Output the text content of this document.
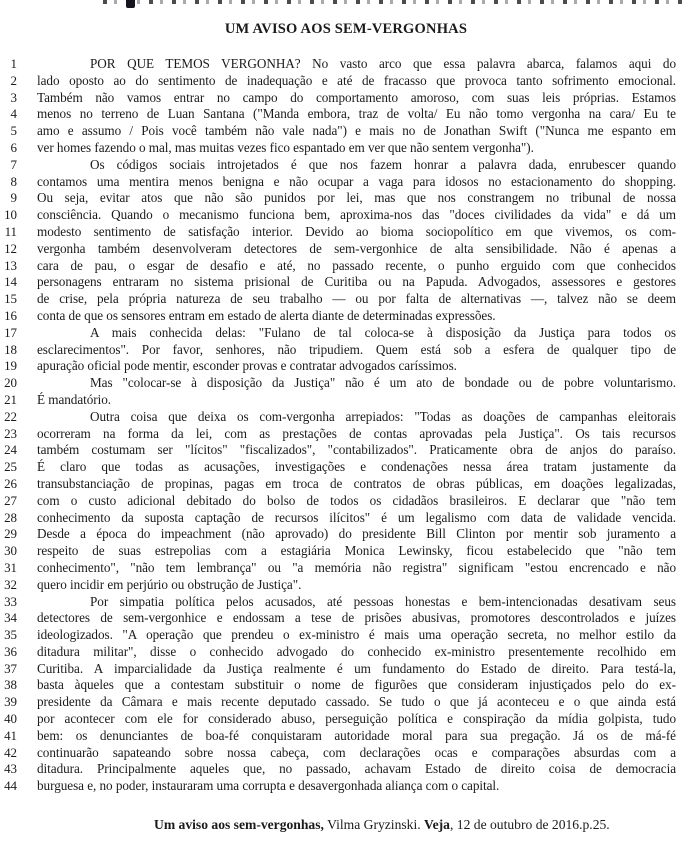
UM AVISO AOS SEM-VERGONHAS
1	POR QUE TEMOS VERGONHA? No vasto arco que essa palavra abarca, falamos aqui do
2 lado oposto ao do sentimento de inadequação e até de fracasso que provoca tanto sofrimento emocional.
3 Também não vamos entrar no campo do comportamento amoroso, com suas leis próprias. Estamos
4 menos no terreno de Luan Santana ("Manda embora, traz de volta/ Eu não tomo vergonha na cara/ Eu te
5 amo e assumo / Pois você também não vale nada") e mais no de Jonathan Swift ("Nunca me espanto em
6 ver homes fazendo o mal, mas muitas vezes fico espantado em ver que não sentem vergonha").
7	Os códigos sociais introjetados é que nos fazem honrar a palavra dada, enrubescer quando
8 contamos uma mentira menos benigna e não ocupar a vaga para idosos no estacionamento do shopping.
9 Ou seja, evitar atos que não são punidos por lei, mas que nos constrangem no tribunal de nossa
10 consciência. Quando o mecanismo funciona bem, aproxima-nos das "doces civilidades da vida" e dá um
11 modesto sentimento de satisfação interior. Devido ao bioma sociopolítico em que vivemos, os com-
12 vergonha também desenvolveram detectores de sem-vergonhice de alta sensibilidade. Não é apenas a
13 cara de pau, o esgar de desafio e até, no passado recente, o punho erguido com que conhecidos
14 personagens entraram no sistema prisional de Curitiba ou na Papuda. Advogados, assessores e gestores
15 de crise, pela própria natureza de seu trabalho — ou por falta de alternativas —, talvez não se deem
16 conta de que os sensores entram em estado de alerta diante de determinadas expressões.
17	A mais conhecida delas: "Fulano de tal coloca-se à disposição da Justiça para todos os
18 esclarecimentos". Por favor, senhores, não tripudiem. Quem está sob a esfera de qualquer tipo de
19 apuração oficial pode mentir, esconder provas e contratar advogados caríssimos.
20	Mas "colocar-se à disposição da Justiça" não é um ato de bondade ou de pobre voluntarismo.
21 É mandatório.
22	Outra coisa que deixa os com-vergonha arrepiados: "Todas as doações de campanhas eleitorais
23 ocorreram na forma da lei, com as prestações de contas aprovadas pela Justiça". Os tais recursos
24 também costumam ser "lícitos" "fiscalizados", "contabilizados". Praticamente obra de anjos do paraíso.
25 É claro que todas as acusações, investigações e condenações nessa área tratam justamente da
26 transubstanciação de propinas, pagas em troca de contratos de obras públicas, em doações legalizadas,
27 com o custo adicional debitado do bolso de todos os cidadãos brasileiros. E declarar que "não tem
28 conhecimento da suposta captação de recursos ilícitos" é um legalismo com data de validade vencida.
29 Desde a época do impeachment (não aprovado) do presidente Bill Clinton por mentir sob juramento a
30 respeito de suas estrepolias com a estagiária Monica Lewinsky, ficou estabelecido que "não tem
31 conhecimento", "não tem lembrança" ou "a memória não registra" significam "estou encrencado e não
32 quero incidir em perjúrio ou obstrução de Justiça".
33	Por simpatia política pelos acusados, até pessoas honestas e bem-intencionadas desativam seus
34 detectores de sem-vergonhice e endossam a tese de prisões abusivas, promotores descontrolados e juízes
35 ideologizados. "A operação que prendeu o ex-ministro é mais uma operação secreta, no melhor estilo da
36 ditadura militar", disse o conhecido advogado do conhecido ex-ministro presentemente recolhido em
37 Curitiba. A imparcialidade da Justiça realmente é um fundamento do Estado de direito. Para testá-la,
38 basta àqueles que a contestam substituir o nome de figurões que consideram injustiçados pelo do ex-
39 presidente da Câmara e mais recente deputado cassado. Se tudo o que já aconteceu e o que ainda está
40 por acontecer com ele for considerado abuso, perseguição política e conspiração da mídia golpista, tudo
41 bem: os denunciantes de boa-fé conquistaram autoridade moral para sua pregação. Já os de má-fé
42 continuarão sapateando sobre nossa cabeça, com declarações ocas e comparações absurdas com a
43 ditadura. Principalmente aqueles que, no passado, achavam Estado de direito coisa de democracia
44 burguesa e, no poder, instauraram uma corrupta e desavergonhada aliança com o capital.
Um aviso aos sem-vergonhas, Vilma Gryzinski. Veja, 12 de outubro de 2016.p.25.
